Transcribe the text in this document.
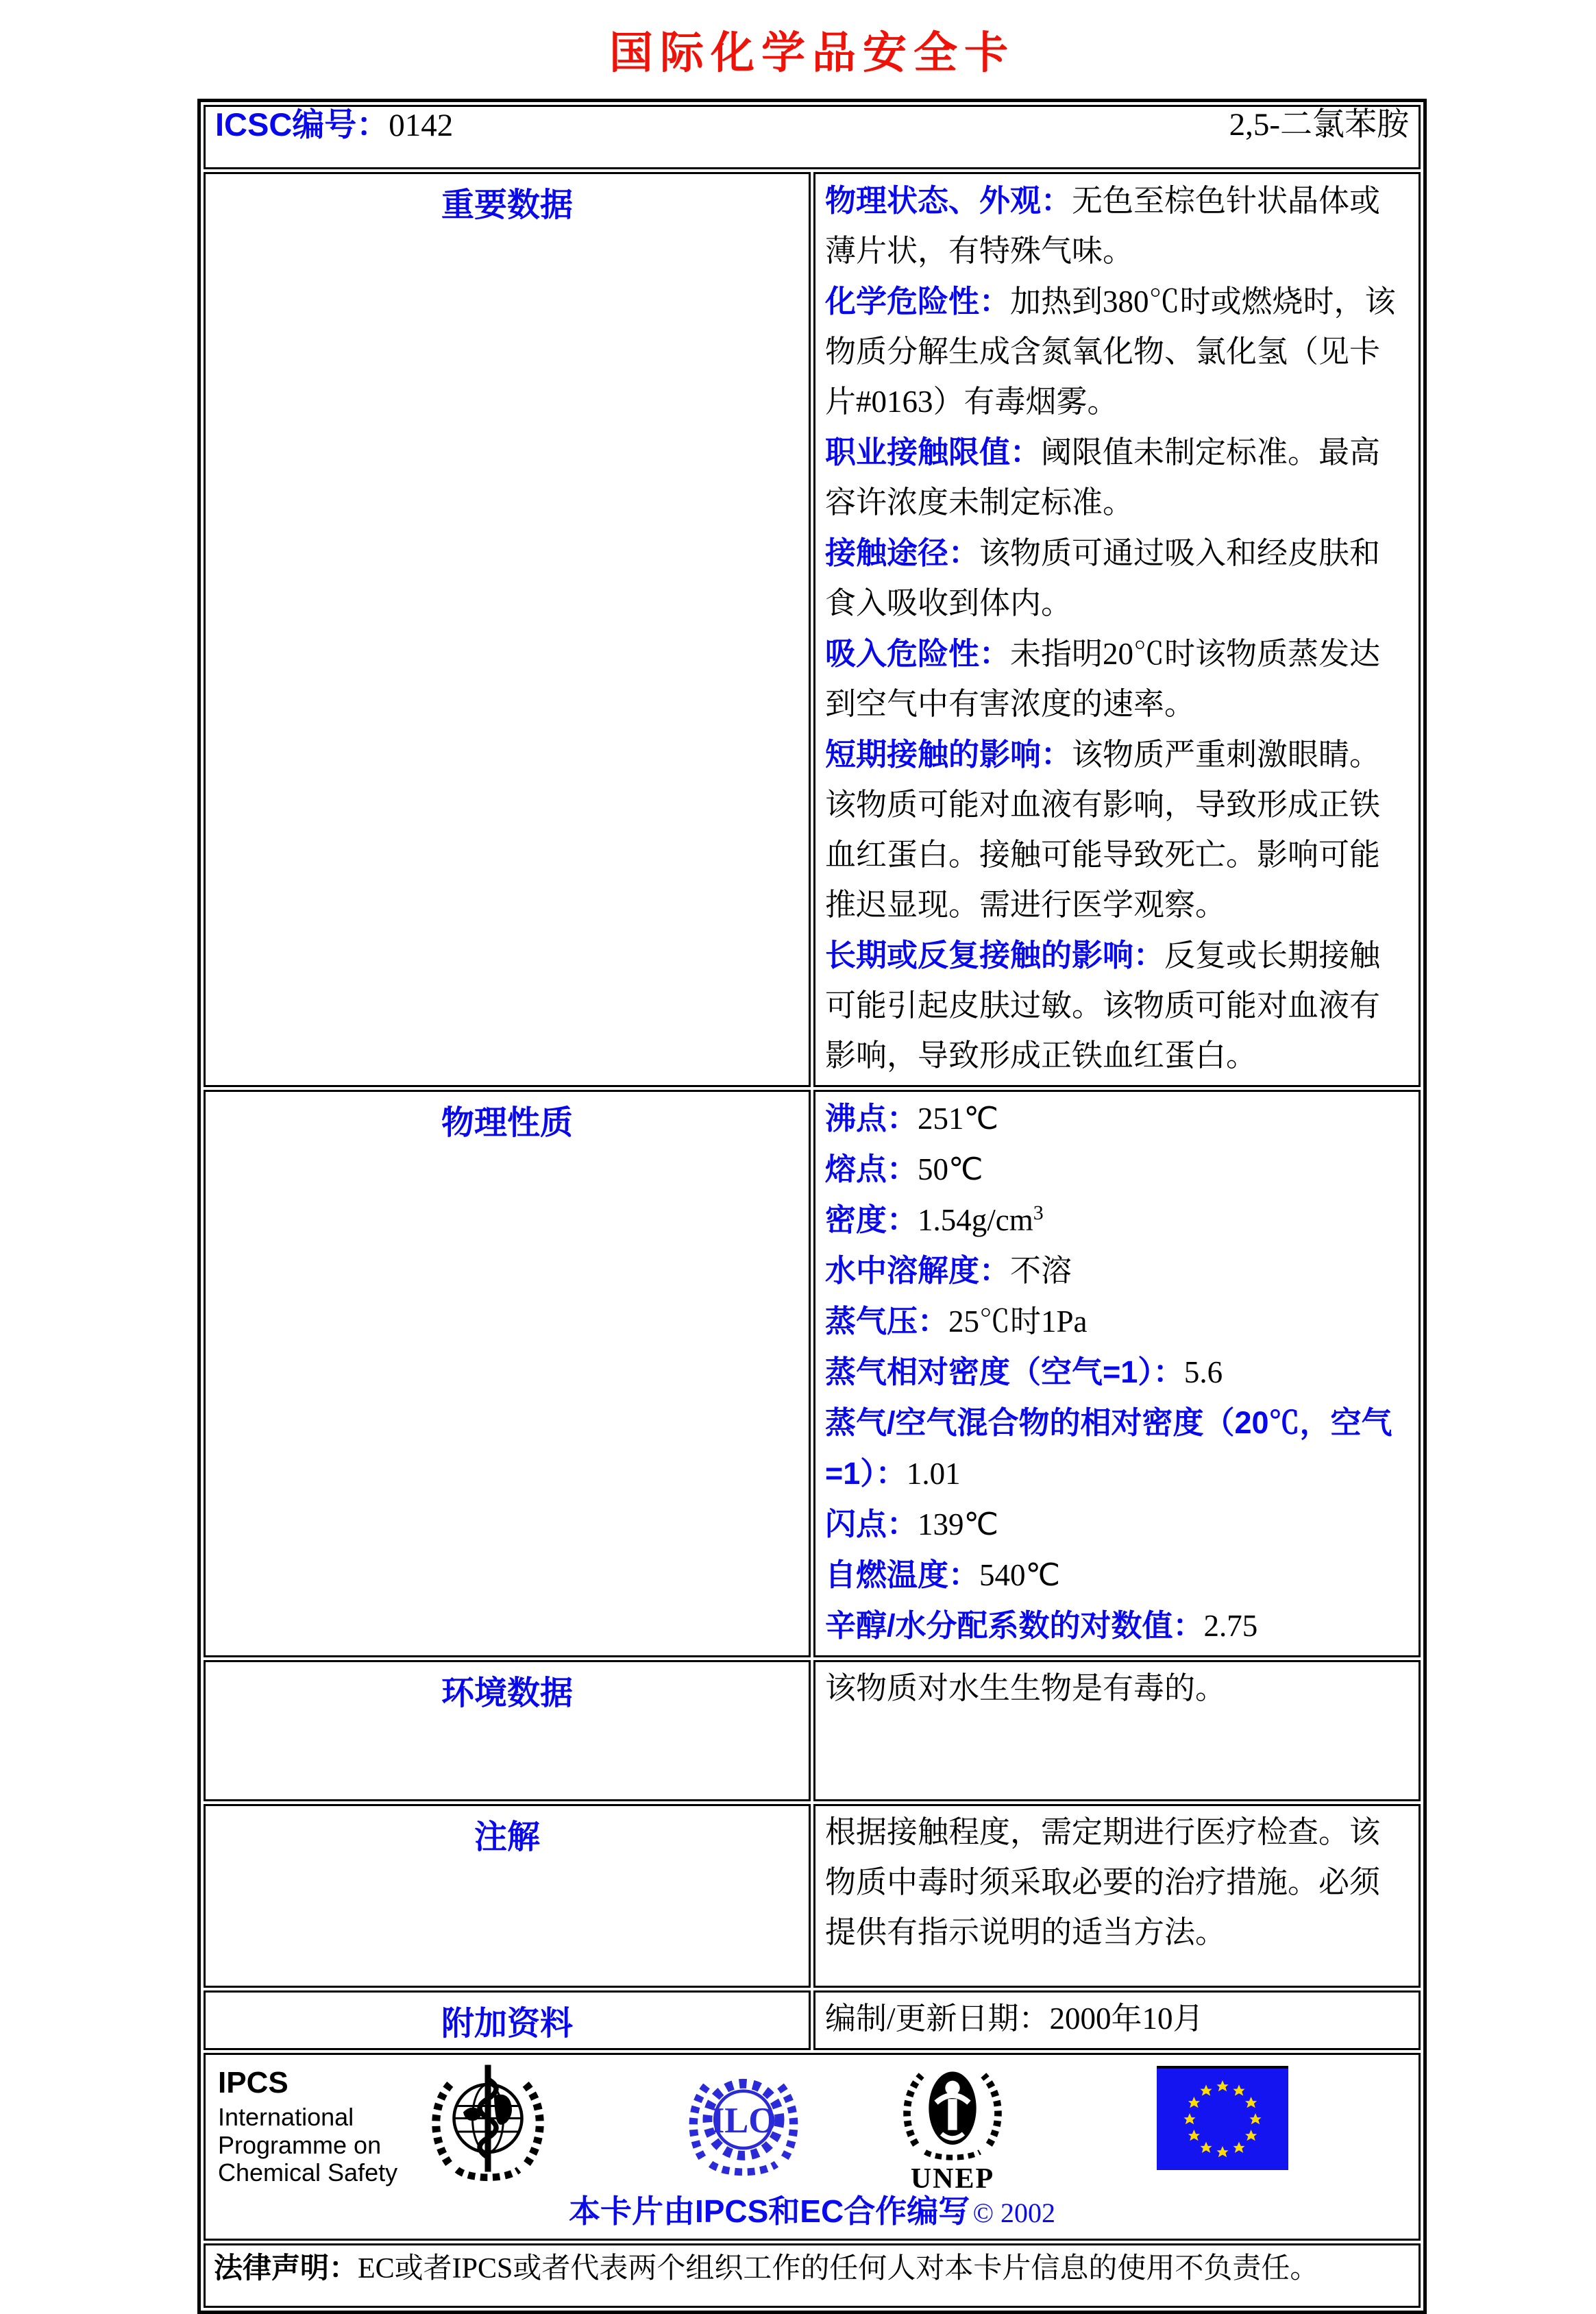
国际化学品安全卡
ICSC编号：0142 2,5-二氯苯胺	

重要数据	物理状态、外观：无色至棕色针状晶体或薄片状，有特殊气味。

化学危险性：加热到380℃时或燃烧时，该物质分解生成含氮氧化物、氯化氢（见卡片#0163）有毒烟雾。

职业接触限值：阈限值未制定标准。最高容许浓度未制定标准。

接触途径：该物质可通过吸入和经皮肤和食入吸收到体内。

吸入危险性：未指明20℃时该物质蒸发达到空气中有害浓度的速率。

短期接触的影响：该物质严重刺激眼睛。该物质可能对血液有影响，导致形成正铁血红蛋白。接触可能导致死亡。影响可能推迟显现。需进行医学观察。

长期或反复接触的影响：反复或长期接触可能引起皮肤过敏。该物质可能对血液有影响，导致形成正铁血红蛋白。

物理性质	沸点：251℃

熔点：50℃

密度：$1.54g/cm^3$

水中溶解度：不溶

蒸气压：25℃时1Pa

蒸气相对密度（空气=1）：5.6

蒸气/空气混合物的相对密度（20℃，空气=1）：1.01

闪点：139℃

自燃温度：540℃

辛醇/水分配系数的对数值：2.75

环境数据	该物质对水生生物是有毒的。

注解	根据接触程度，需定期进行医疗检查。该物质中毒时须采取必要的治疗措施。必须提供有指示说明的适当方法。

附加资料	编制/更新日期：2000年10月

IPCS

International

Programme on

Chemical Safety

ILO
UNEP
本卡片由IPCS和EC合作编写 © 2002

法律声明：EC或者IPCS或者代表两个组织工作的任何人对本卡片信息的使用不负责任。	
